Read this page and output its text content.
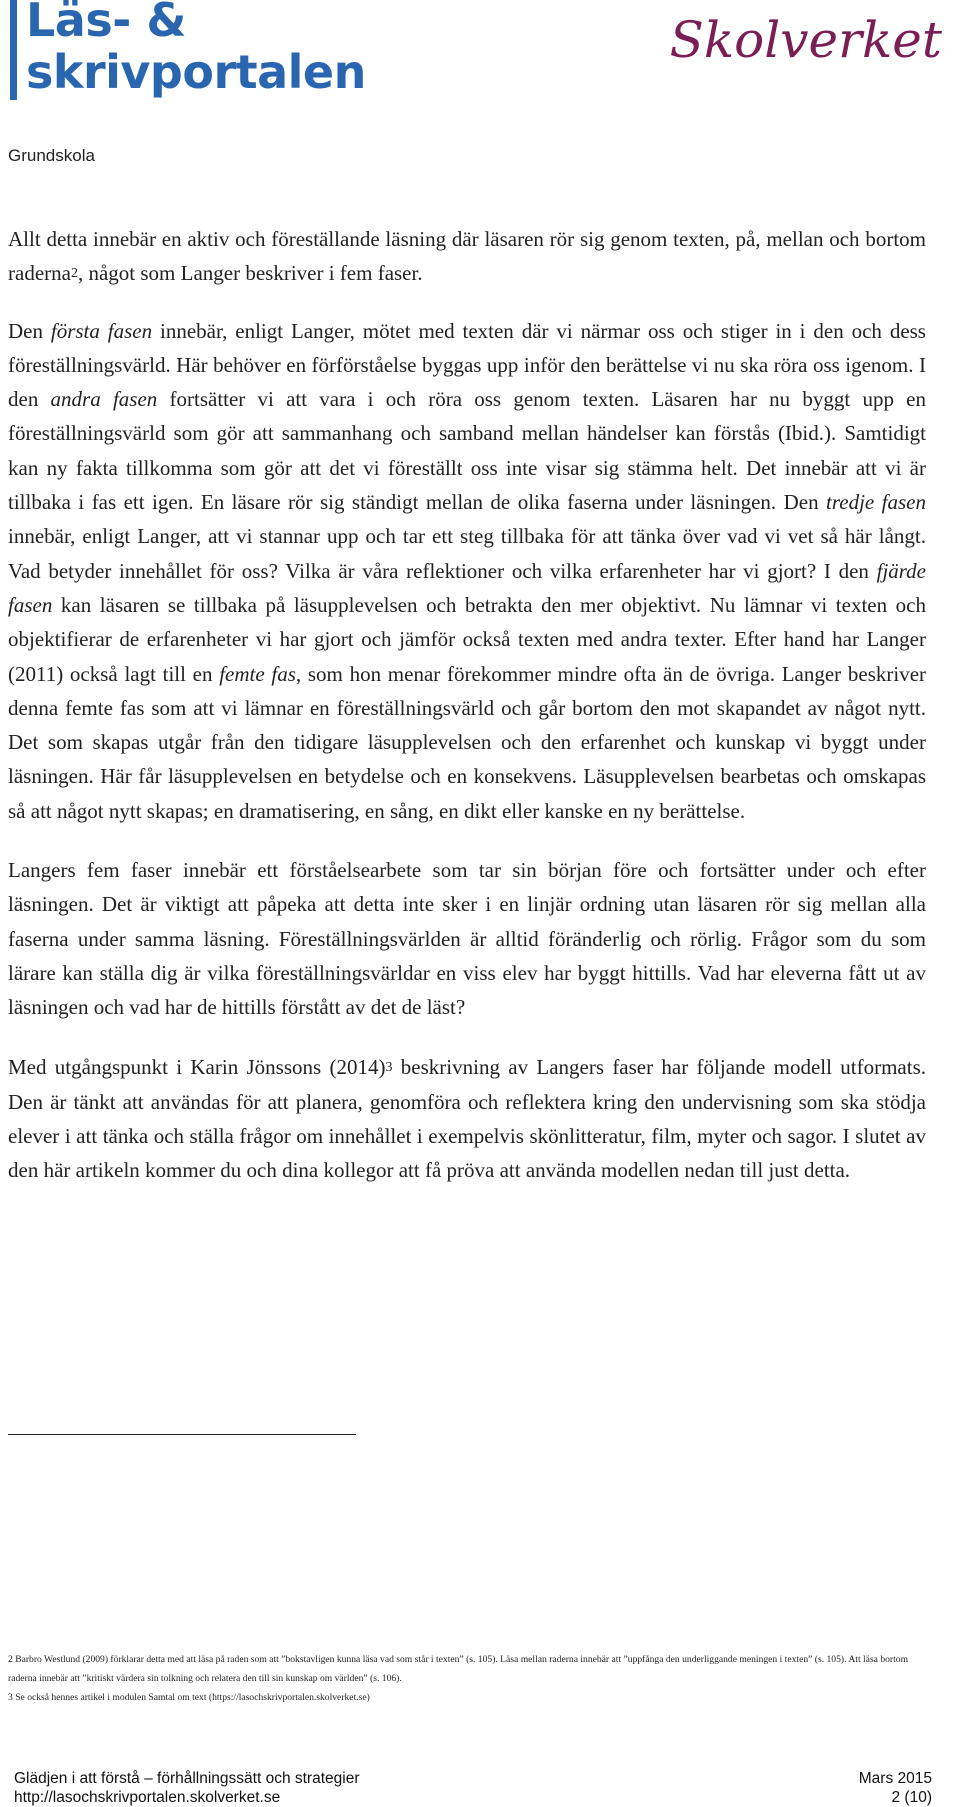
Läs- &
skrivportalen
Skolverket
Grundskola

Allt detta innebär en aktiv och föreställande läsning där läsaren rör sig genom texten, på, mellan och bortom raderna$^2$, något som Langer beskriver i fem faser.

Den första fasen innebär, enligt Langer, mötet med texten där vi närmar oss och stiger in i den och dess föreställningsvärld. Här behöver en förförståelse byggas upp inför den berättelse vi nu ska röra oss igenom. I den andra fasen fortsätter vi att vara i och röra oss genom texten. Läsaren har nu byggt upp en föreställningsvärld som gör att sammanhang och samband mellan händelser kan förstås (Ibid.). Samtidigt kan ny fakta tillkomma som gör att det vi föreställt oss inte visar sig stämma helt. Det innebär att vi är tillbaka i fas ett igen. En läsare rör sig ständigt mellan de olika faserna under läsningen. Den tredje fasen innebär, enligt Langer, att vi stannar upp och tar ett steg tillbaka för att tänka över vad vi vet så här långt. Vad betyder innehållet för oss? Vilka är våra reflektioner och vilka erfarenheter har vi gjort? I den fjärde fasen kan läsaren se tillbaka på läsupplevelsen och betrakta den mer objektivt. Nu lämnar vi texten och objektifierar de erfarenheter vi har gjort och jämför också texten med andra texter. Efter hand har Langer (2011) också lagt till en femte fas, som hon menar förekommer mindre ofta än de övriga. Langer beskriver denna femte fas som att vi lämnar en föreställningsvärld och går bortom den mot skapandet av något nytt. Det som skapas utgår från den tidigare läsupplevelsen och den erfarenhet och kunskap vi byggt under läsningen. Här får läsupplevelsen en betydelse och en konsekvens. Läsupplevelsen bearbetas och omskapas så att något nytt skapas; en dramatisering, en sång, en dikt eller kanske en ny berättelse.

Langers fem faser innebär ett förståelsearbete som tar sin början före och fortsätter under och efter läsningen. Det är viktigt att påpeka att detta inte sker i en linjär ordning utan läsaren rör sig mellan alla faserna under samma läsning. Föreställningsvärlden är alltid föränderlig och rörlig. Frågor som du som lärare kan ställa dig är vilka föreställningsvärldar en viss elev har byggt hittills. Vad har eleverna fått ut av läsningen och vad har de hittills förstått av det de läst?

Med utgångspunkt i Karin Jönssons (2014)$^3$ beskrivning av Langers faser har följande modell utformats. Den är tänkt att användas för att planera, genomföra och reflektera kring den undervisning som ska stödja elever i att tänka och ställa frågor om innehållet i exempelvis skönlitteratur, film, myter och sagor. I slutet av den här artikeln kommer du och dina kollegor att få pröva att använda modellen nedan till just detta.

2 Barbro Westlund (2009) förklarar detta med att läsa på raden som att ”bokstavligen kunna läsa vad som står i texten” (s. 105). Läsa mellan raderna innebär att ”uppfånga den underliggande meningen i texten” (s. 105). Att läsa bortom raderna innebär att ”kritiskt värdera sin tolkning och relatera den till sin kunskap om världen” (s. 106).

3 Se också hennes artikel i modulen Samtal om text (https://lasochskrivportalen.skolverket.se)

Glädjen i att förstå – förhållningssätt och strategier	Mars 2015
http://lasochskrivportalen.skolverket.se	2 (10)
